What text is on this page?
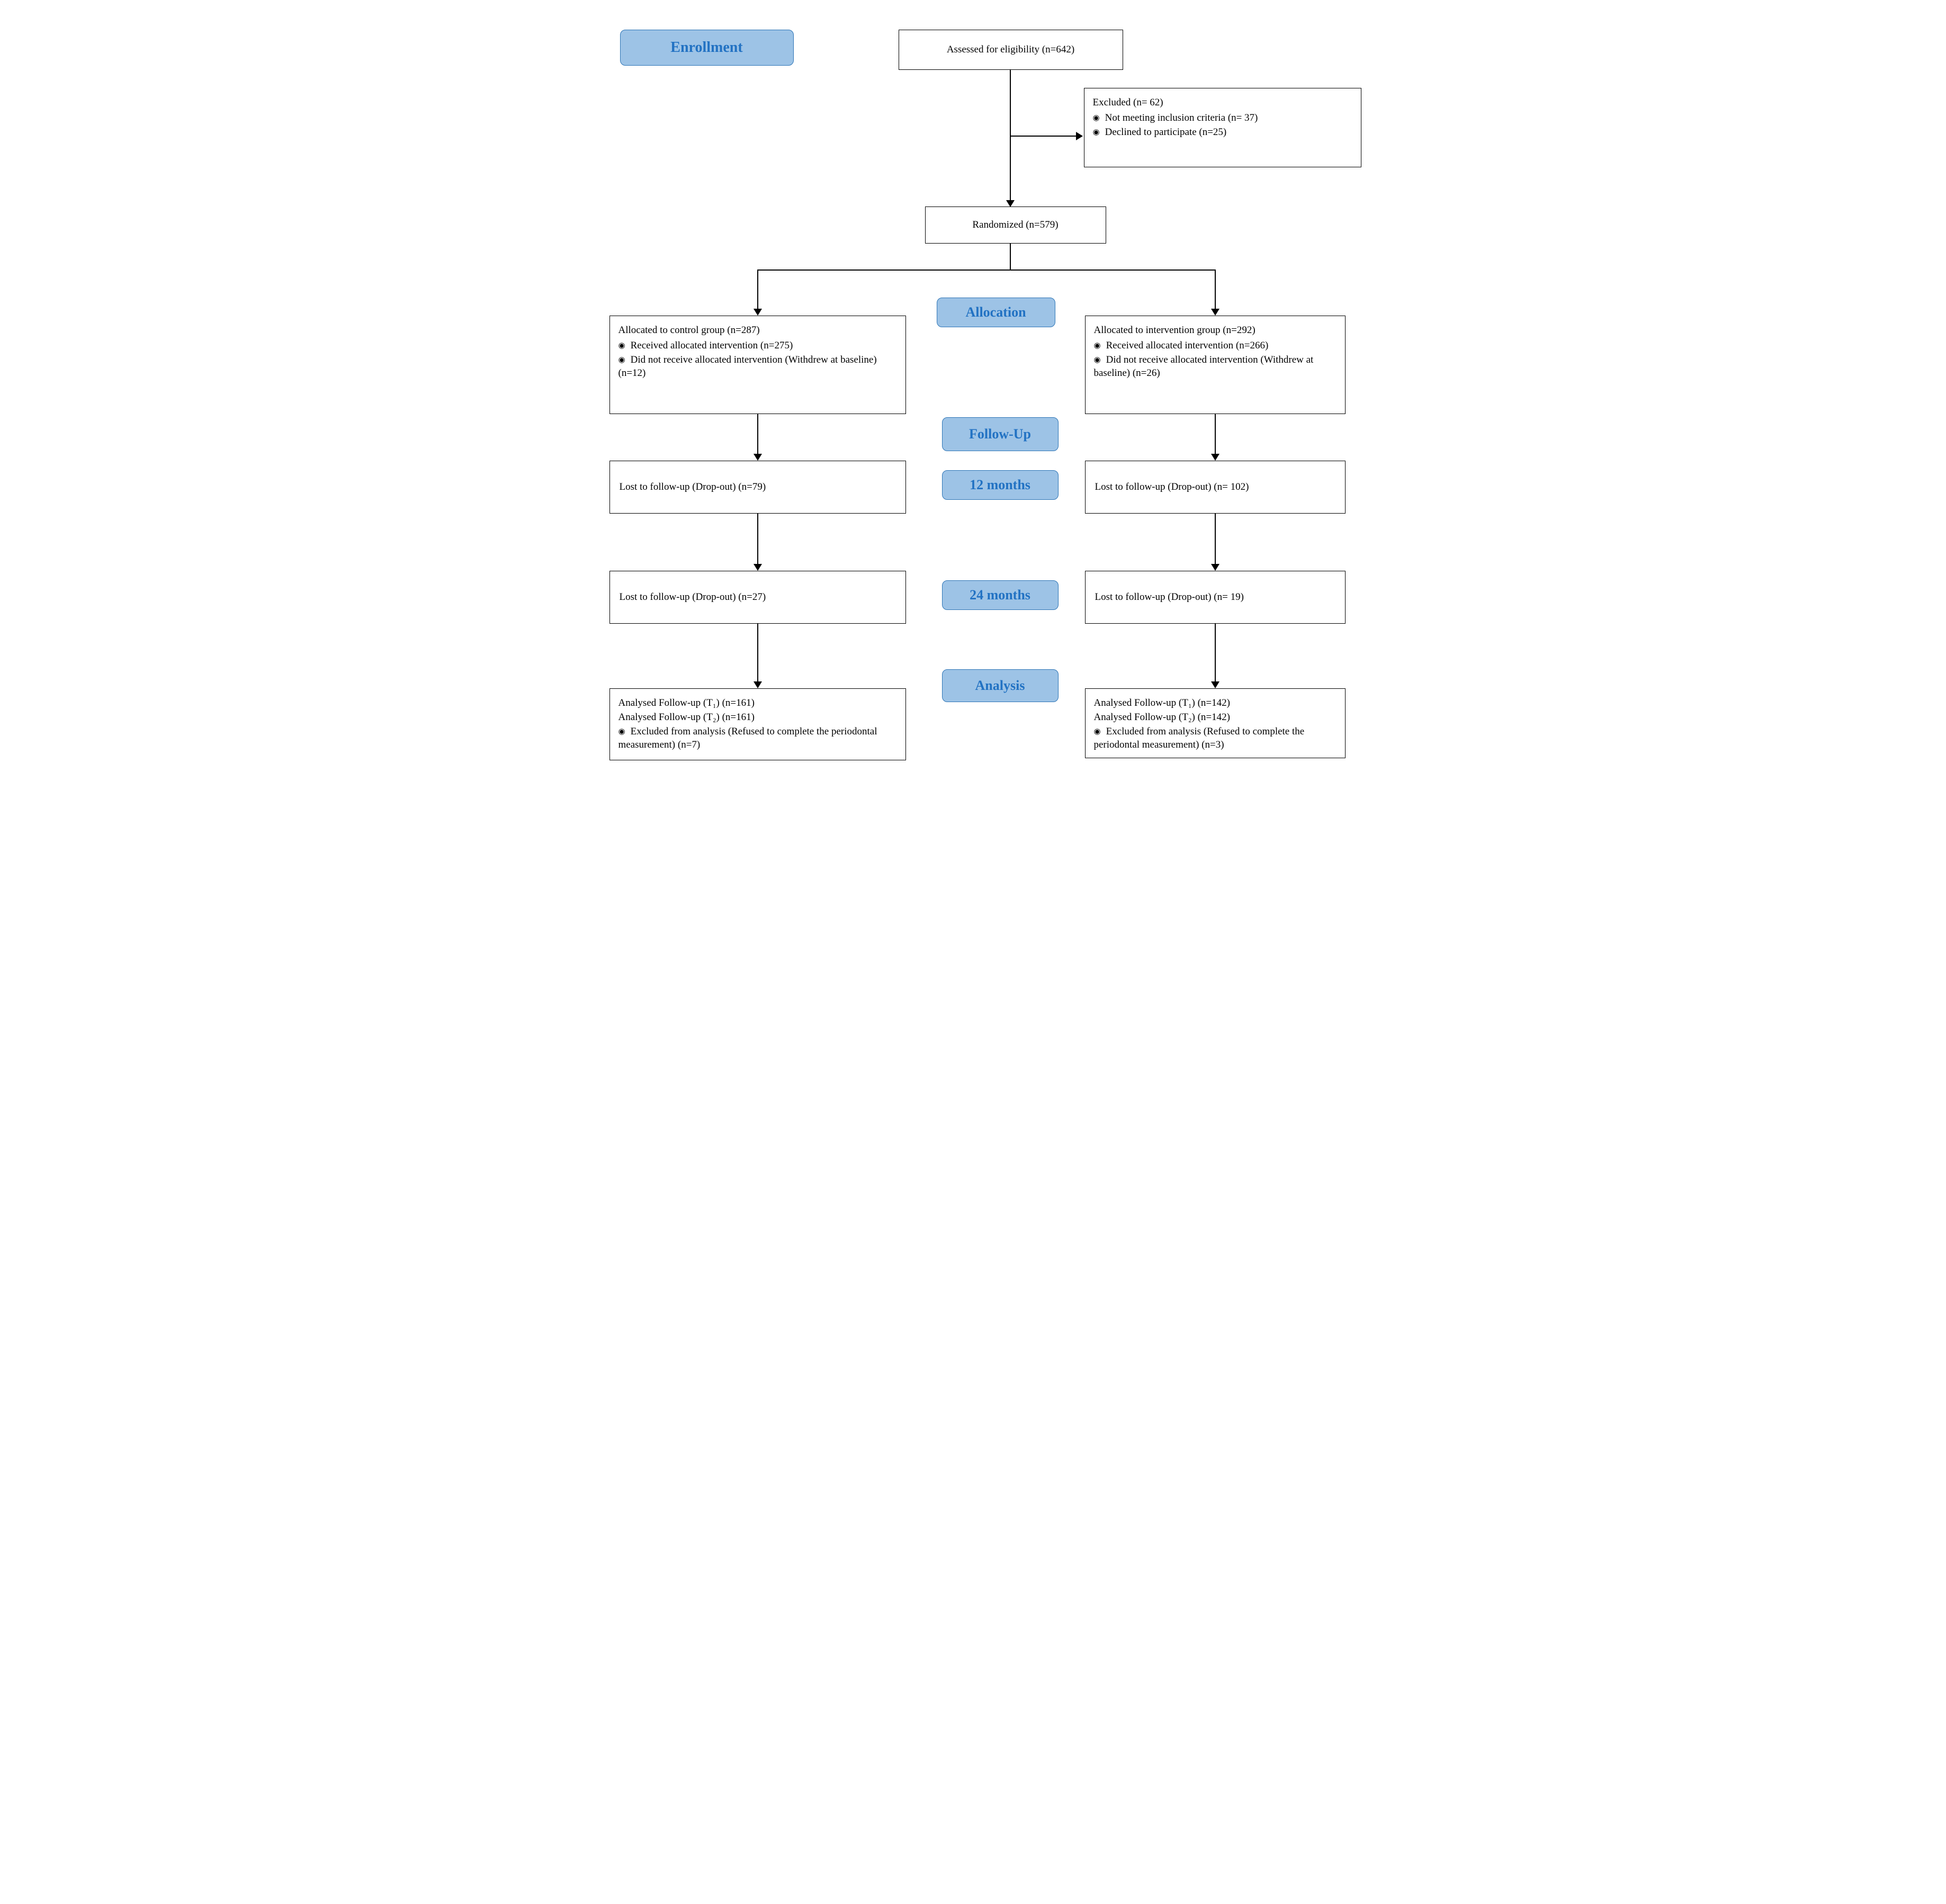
Enrollment
Allocation
Follow-Up
12 months
24 months
Analysis
Assessed for eligibility (n=642)
Excluded (n= 62)
◉ Not meeting inclusion criteria (n= 37)
◉ Declined to participate (n=25)
Randomized (n=579)
Allocated to control group (n=287)
◉ Received allocated intervention (n=275)
◉ Did not receive allocated intervention (Withdrew at baseline) (n=12)
Allocated to intervention group (n=292)
◉ Received allocated intervention (n=266)
◉ Did not receive allocated intervention (Withdrew at baseline) (n=26)
Lost to follow-up (Drop-out) (n=79)	Lost to follow-up (Drop-out) (n= 102)
Lost to follow-up (Drop-out) (n=27)	Lost to follow-up (Drop-out) (n= 19)
Analysed Follow-up (T₁) (n=161)
Analysed Follow-up (T₂) (n=161)
◉ Excluded from analysis (Refused to complete the periodontal measurement) (n=7)
Analysed Follow-up (T₁) (n=142)
Analysed Follow-up (T₂) (n=142)
◉ Excluded from analysis (Refused to complete the periodontal measurement) (n=3)
